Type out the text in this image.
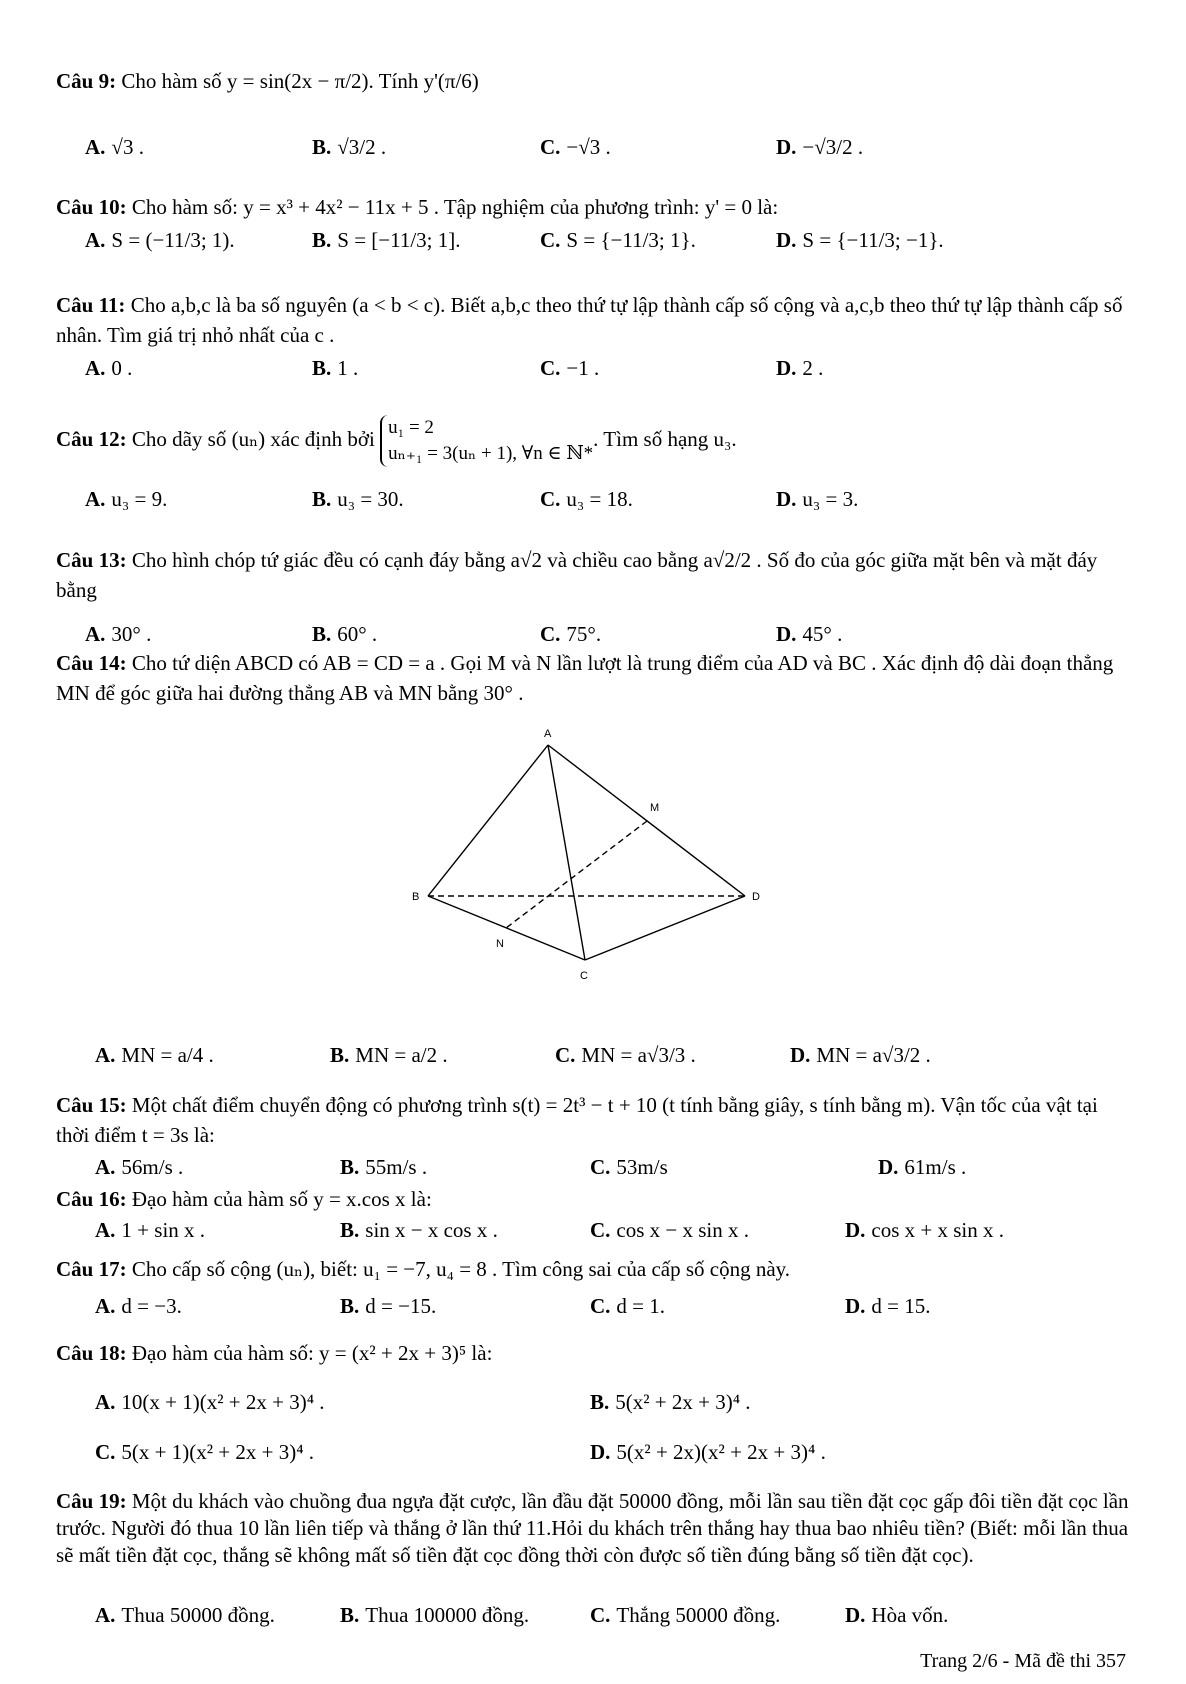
Câu 9: Cho hàm số y = sin(2x − π/2). Tính y'(π/6)
A. √3 .	B. √3/2 .	C. −√3 .	D. −√3/2 .
Câu 10: Cho hàm số: y = x³ + 4x² − 11x + 5 . Tập nghiệm của phương trình: y' = 0 là:
A. S = (−11/3; 1).	B. S = [−11/3; 1].	C. S = {−11/3; 1}.	D. S = {−11/3; −1}.
Câu 11: Cho a,b,c là ba số nguyên (a < b < c). Biết a,b,c theo thứ tự lập thành cấp số cộng và a,c,b theo thứ tự lập thành cấp số nhân. Tìm giá trị nhỏ nhất của c .
A. 0 .	B. 1 .	C. −1 .	D. 2 .
Câu 12: Cho dãy số (uₙ) xác định bởi u₁ = 2
uₙ₊₁ = 3(uₙ + 1), ∀n ∈ ℕ*
. Tìm số hạng u₃.
A. u₃ = 9.	B. u₃ = 30.	C. u₃ = 18.	D. u₃ = 3.
Câu 13: Cho hình chóp tứ giác đều có cạnh đáy bằng a√2 và chiều cao bằng a√2/2 . Số đo của góc giữa mặt bên và mặt đáy bằng
A. 30° .	B. 60° .	C. 75°.	D. 45° .
Câu 14: Cho tứ diện ABCD có AB = CD = a . Gọi M và N lần lượt là trung điểm của AD và BC . Xác định độ dài đoạn thẳng MN để góc giữa hai đường thẳng AB và MN bằng 30° .
A
B
C
D
M
N
A. MN = a/4 .	B. MN = a/2 .	C. MN = a√3/3 .	D. MN = a√3/2 .
Câu 15: Một chất điểm chuyển động có phương trình s(t) = 2t³ − t + 10 (t tính bằng giây, s tính bằng m). Vận tốc của vật tại thời điểm t = 3s là:
A. 56m/s .	B. 55m/s .	C. 53m/s	D. 61m/s .
Câu 16: Đạo hàm của hàm số y = x.cos x là:
A. 1 + sin x .	B. sin x − x cos x .	C. cos x − x sin x .	D. cos x + x sin x .
Câu 17: Cho cấp số cộng (uₙ), biết: u₁ = −7, u₄ = 8 . Tìm công sai của cấp số cộng này.
A. d = −3.	B. d = −15.	C. d = 1.	D. d = 15.
Câu 18: Đạo hàm của hàm số: y = (x² + 2x + 3)⁵ là:
A. 10(x + 1)(x² + 2x + 3)⁴ .	B. 5(x² + 2x + 3)⁴ .
C. 5(x + 1)(x² + 2x + 3)⁴ .	D. 5(x² + 2x)(x² + 2x + 3)⁴ .
Câu 19: Một du khách vào chuồng đua ngựa đặt cược, lần đầu đặt 50000 đồng, mỗi lần sau tiền đặt cọc gấp đôi tiền đặt cọc lần trước. Người đó thua 10 lần liên tiếp và thắng ở lần thứ 11.Hỏi du khách trên thắng hay thua bao nhiêu tiền? (Biết: mỗi lần thua sẽ mất tiền đặt cọc, thắng sẽ không mất số tiền đặt cọc đồng thời còn được số tiền đúng bằng số tiền đặt cọc).
A. Thua 50000 đồng.	B. Thua 100000 đồng.	C. Thắng 50000 đồng.	D. Hòa vốn.
Trang 2/6 - Mã đề thi 357
